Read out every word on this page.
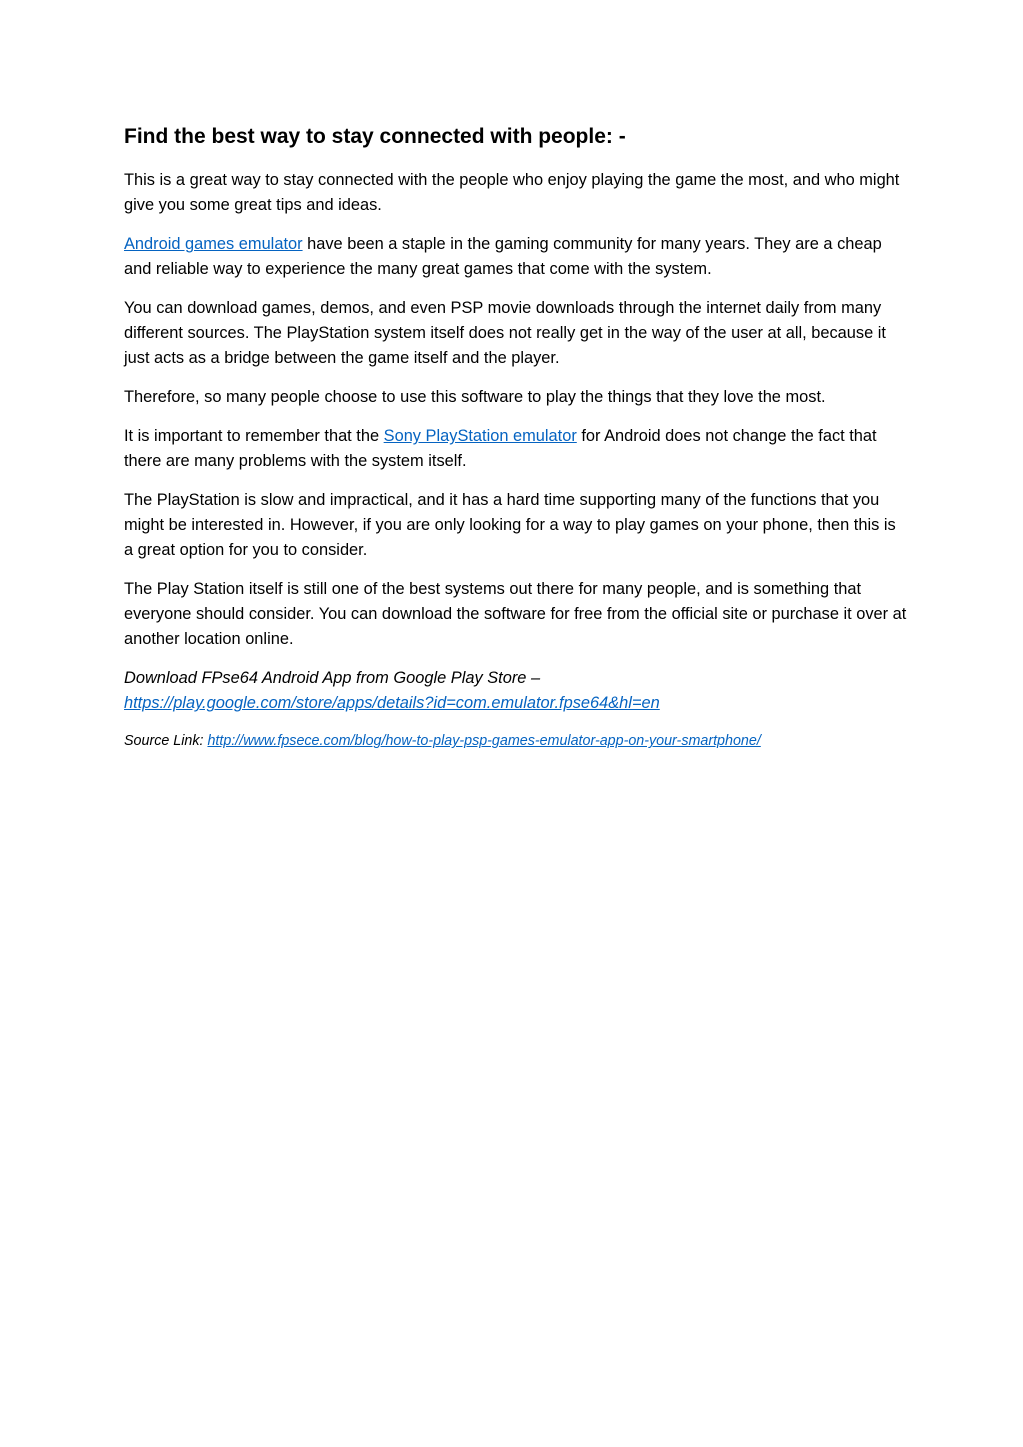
Find the best way to stay connected with people: -

This is a great way to stay connected with the people who enjoy playing the game the most, and who might give you some great tips and ideas.

Android games emulator have been a staple in the gaming community for many years. They are a cheap and reliable way to experience the many great games that come with the system.

You can download games, demos, and even PSP movie downloads through the internet daily from many different sources. The PlayStation system itself does not really get in the way of the user at all, because it just acts as a bridge between the game itself and the player.

Therefore, so many people choose to use this software to play the things that they love the most.

It is important to remember that the Sony PlayStation emulator for Android does not change the fact that there are many problems with the system itself.

The PlayStation is slow and impractical, and it has a hard time supporting many of the functions that you might be interested in. However, if you are only looking for a way to play games on your phone, then this is a great option for you to consider.

The Play Station itself is still one of the best systems out there for many people, and is something that everyone should consider. You can download the software for free from the official site or purchase it over at another location online.

Download FPse64 Android App from Google Play Store –
https://play.google.com/store/apps/details?id=com.emulator.fpse64&hl=en

Source Link: http://www.fpsece.com/blog/how-to-play-psp-games-emulator-app-on-your-smartphone/
